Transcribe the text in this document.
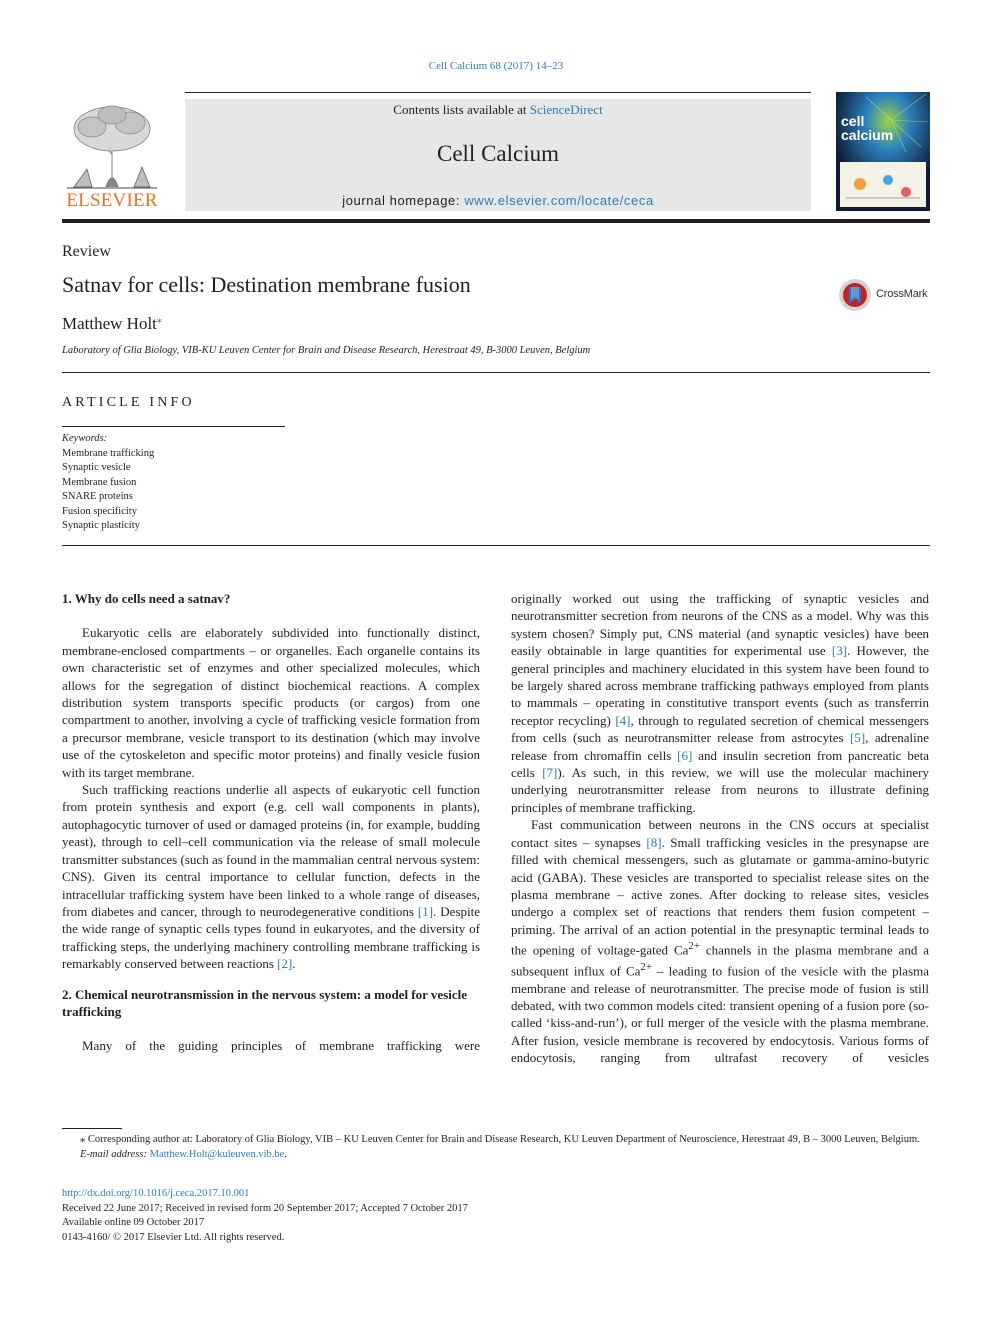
Cell Calcium 68 (2017) 14–23
ELSEVIER
Contents lists available at ScienceDirect
Cell Calcium
journal homepage: www.elsevier.com/locate/ceca
cell
calcium
Review
Satnav for cells: Destination membrane fusion
Matthew Holt⁎
Laboratory of Glia Biology, VIB-KU Leuven Center for Brain and Disease Research, Herestraat 49, B-3000 Leuven, Belgium
CrossMark
ARTICLE INFO
Keywords:
Membrane trafficking
Synaptic vesicle
Membrane fusion
SNARE proteins
Fusion specificity
Synaptic plasticity
1. Why do cells need a satnav?

Eukaryotic cells are elaborately subdivided into functionally distinct, membrane-enclosed compartments – or organelles. Each organelle contains its own characteristic set of enzymes and other specialized molecules, which allows for the segregation of distinct biochemical reactions. A complex distribution system transports specific products (or cargos) from one compartment to another, involving a cycle of trafficking vesicle formation from a precursor membrane, vesicle transport to its destination (which may involve use of the cytoskeleton and specific motor proteins) and finally vesicle fusion with its target membrane.

Such trafficking reactions underlie all aspects of eukaryotic cell function from protein synthesis and export (e.g. cell wall components in plants), autophagocytic turnover of used or damaged proteins (in, for example, budding yeast), through to cell–cell communication via the release of small molecule transmitter substances (such as found in the mammalian central nervous system: CNS). Given its central importance to cellular function, defects in the intracellular trafficking system have been linked to a whole range of diseases, from diabetes and cancer, through to neurodegenerative conditions [1]. Despite the wide range of synaptic cells types found in eukaryotes, and the diversity of trafficking steps, the underlying machinery controlling membrane trafficking is remarkably conserved between reactions [2].

2. Chemical neurotransmission in the nervous system: a model for vesicle trafficking

Many of the guiding principles of membrane trafficking were

originally worked out using the trafficking of synaptic vesicles and neurotransmitter secretion from neurons of the CNS as a model. Why was this system chosen? Simply put, CNS material (and synaptic vesicles) have been easily obtainable in large quantities for experimental use [3]. However, the general principles and machinery elucidated in this system have been found to be largely shared across membrane trafficking pathways employed from plants to mammals – operating in constitutive transport events (such as transferrin receptor recycling) [4], through to regulated secretion of chemical messengers from cells (such as neurotransmitter release from astrocytes [5], adrenaline release from chromaffin cells [6] and insulin secretion from pancreatic beta cells [7]). As such, in this review, we will use the molecular machinery underlying neurotransmitter release from neurons to illustrate defining principles of membrane trafficking.

Fast communication between neurons in the CNS occurs at specialist contact sites – synapses [8]. Small trafficking vesicles in the presynapse are filled with chemical messengers, such as glutamate or gamma-amino-butyric acid (GABA). These vesicles are transported to specialist release sites on the plasma membrane – active zones. After docking to release sites, vesicles undergo a complex set of reactions that renders them fusion competent – priming. The arrival of an action potential in the presynaptic terminal leads to the opening of voltage-gated $Ca^{2+}$ channels in the plasma membrane and a subsequent influx of $Ca^{2+}$ – leading to fusion of the vesicle with the plasma membrane and release of neurotransmitter. The precise mode of fusion is still debated, with two common models cited: transient opening of a fusion pore (so-called ‘kiss-and-run’), or full merger of the vesicle with the plasma membrane. After fusion, vesicle membrane is recovered by endocytosis. Various forms of endocytosis, ranging from ultrafast recovery of vesicles

⁎ Corresponding author at: Laboratory of Glia Biology, VIB – KU Leuven Center for Brain and Disease Research, KU Leuven Department of Neuroscience, Herestraat 49, B – 3000 Leuven, Belgium.
E-mail address: Matthew.Holt@kuleuven.vib.be.
http://dx.doi.org/10.1016/j.ceca.2017.10.001
Received 22 June 2017; Received in revised form 20 September 2017; Accepted 7 October 2017
Available online 09 October 2017
0143-4160/ © 2017 Elsevier Ltd. All rights reserved.
